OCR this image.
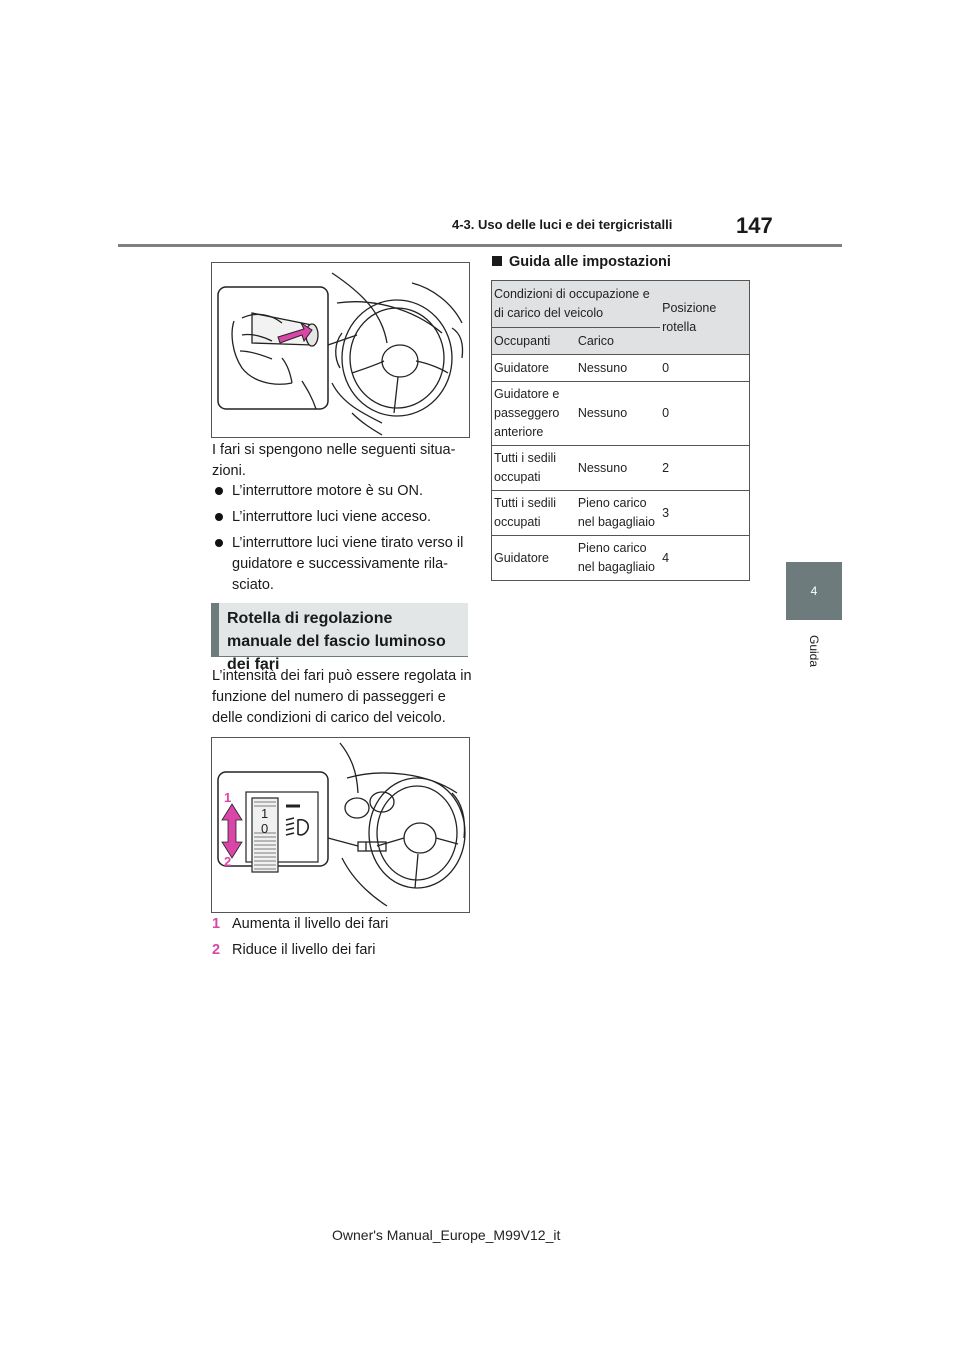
4-3. Uso delle luci e dei tergicristalli	147
4
Guida
I fari si spengono nelle seguenti situa-zioni.
L’interruttore motore è su ON.
L’interruttore luci viene acceso.
L’interruttore luci viene tirato verso il guidatore e successivamente rila-sciato.
Rotella di regolazione manuale del fascio luminoso dei fari
L’intensità dei fari può essere regolata in funzione del numero di passeggeri e delle condizioni di carico del veicolo.
1
0
1
2
1 Aumenta il livello dei fari
2 Riduce il livello dei fari
Guida alle impostazioni
Condizioni di occupazione e di carico del veicolo		Posizione rotella
Occupanti	Carico	
Guidatore	Nessuno	0
Guidatore e passeggero anteriore	Nessuno	0
Tutti i sedili occupati	Nessuno	2
Tutti i sedili occupati	Pieno carico nel bagagliaio	3
Guidatore	Pieno carico nel bagagliaio	4
Owner's Manual_Europe_M99V12_it
